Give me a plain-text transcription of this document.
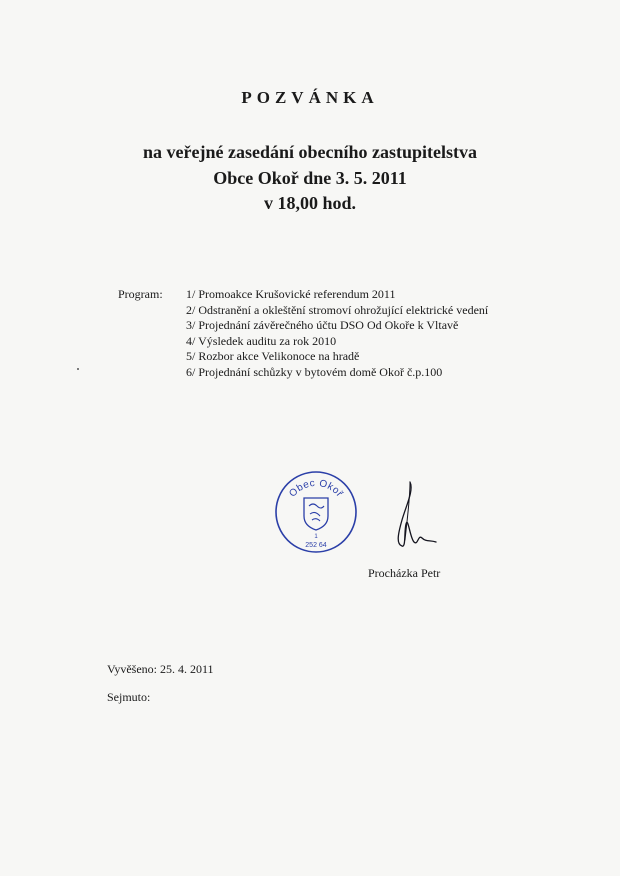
POZVÁNKA
na veřejné zasedání obecního zastupitelstva
Obce Okoř dne 3. 5. 2011
v 18,00 hod.
Program: 1/ Promoakce Krušovické referendum 2011
2/ Odstranění a okleštění stromoví ohrožující elektrické vedení
3/ Projednání závěrečného účtu DSO Od Okoře k Vltavě
4/ Výsledek auditu za rok 2010
5/ Rozbor akce Velikonoce na hradě
6/ Projednání schůzky v bytovém domě Okoř č.p.100
Obec Okoř
1
252 64
Procházka Petr
Vyvěšeno: 25. 4. 2011
Sejmuto:
